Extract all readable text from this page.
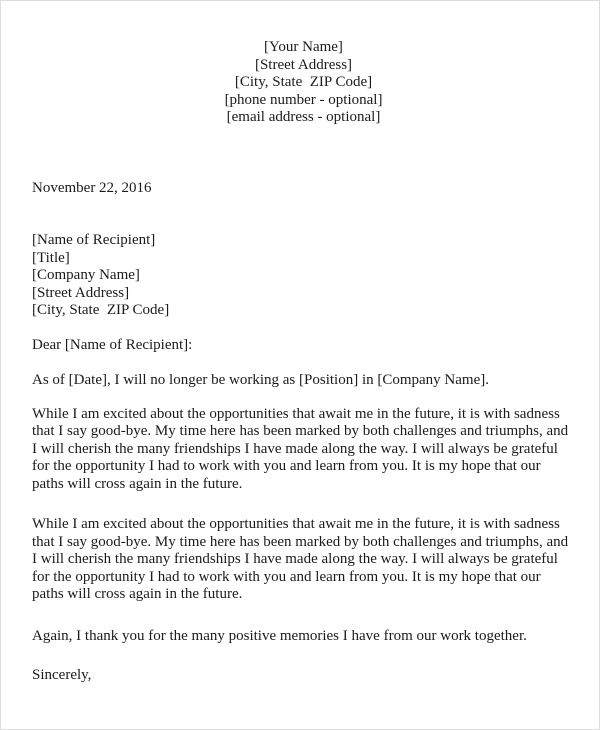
[Your Name]
[Street Address]
[City, State  ZIP Code]
[phone number - optional]
[email address - optional]
November 22, 2016
[Name of Recipient]
[Title]
[Company Name]
[Street Address]
[City, State  ZIP Code]
Dear [Name of Recipient]:
As of [Date], I will no longer be working as [Position] in [Company Name].
While I am excited about the opportunities that await me in the future, it is with sadness that I say good-bye. My time here has been marked by both challenges and triumphs, and I will cherish the many friendships I have made along the way. I will always be grateful for the opportunity I had to work with you and learn from you. It is my hope that our paths will cross again in the future.
While I am excited about the opportunities that await me in the future, it is with sadness that I say good-bye. My time here has been marked by both challenges and triumphs, and I will cherish the many friendships I have made along the way. I will always be grateful for the opportunity I had to work with you and learn from you. It is my hope that our paths will cross again in the future.
Again, I thank you for the many positive memories I have from our work together.
Sincerely,
